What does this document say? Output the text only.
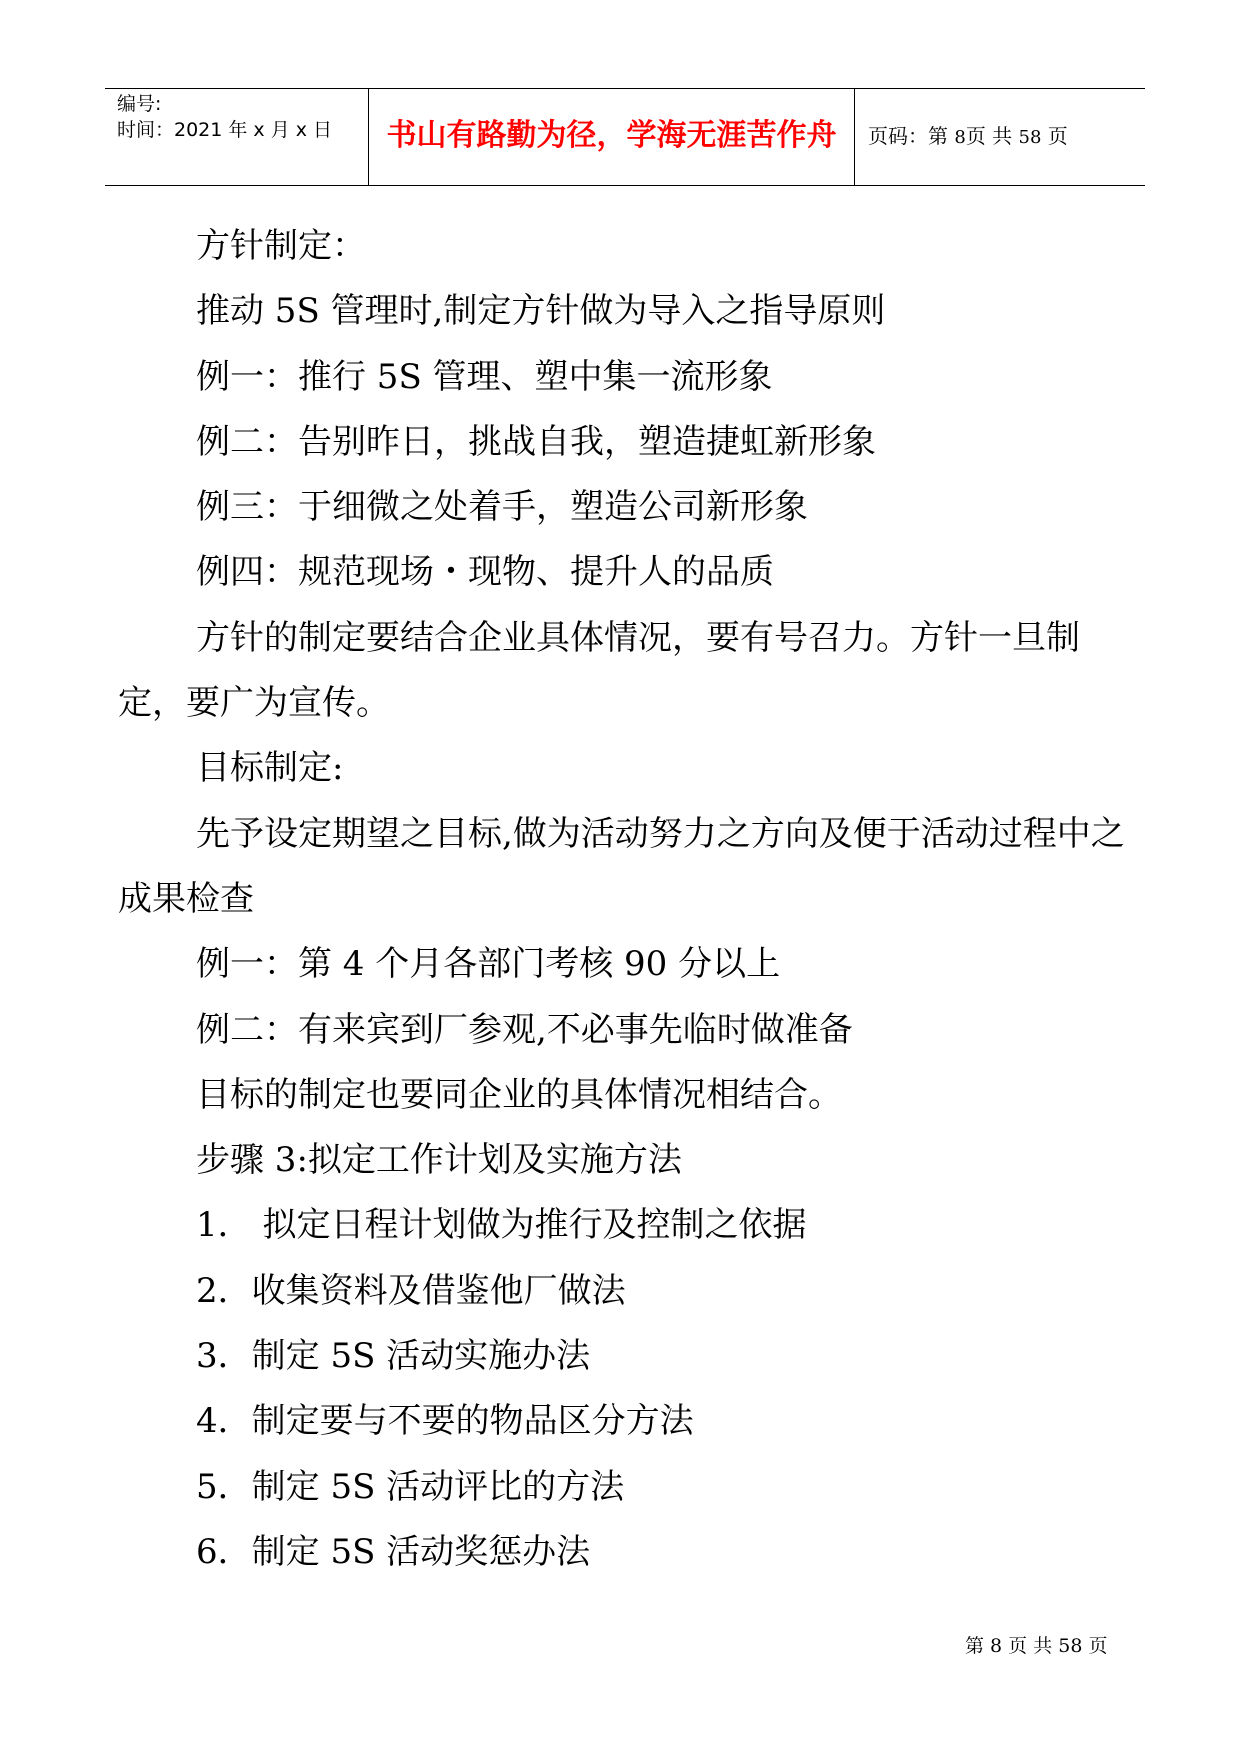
编号:
时间：2021 年 x 月 x 日	书山有路勤为径，学海无涯苦作舟	页码：第 8页 共 58 页

方针制定：

推动 5S 管理时,制定方针做为导入之指导原则

例一：推行 5S 管理、塑中集一流形象

例二：告别昨日，挑战自我，塑造捷虹新形象

例三：于细微之处着手，塑造公司新形象

例四：规范现场・现物、提升人的品质

方针的制定要结合企业具体情况，要有号召力。方针一旦制定，要广为宣传。

目标制定:

先予设定期望之目标,做为活动努力之方向及便于活动过程中之成果检查

例一：第 4 个月各部门考核 90 分以上

例二：有来宾到厂参观,不必事先临时做准备

目标的制定也要同企业的具体情况相结合。

步骤 3:拟定工作计划及实施方法

1． 拟定日程计划做为推行及控制之依据

2．收集资料及借鉴他厂做法

3．制定 5S 活动实施办法

4．制定要与不要的物品区分方法

5．制定 5S 活动评比的方法

6．制定 5S 活动奖惩办法

第 8 页 共 58 页
